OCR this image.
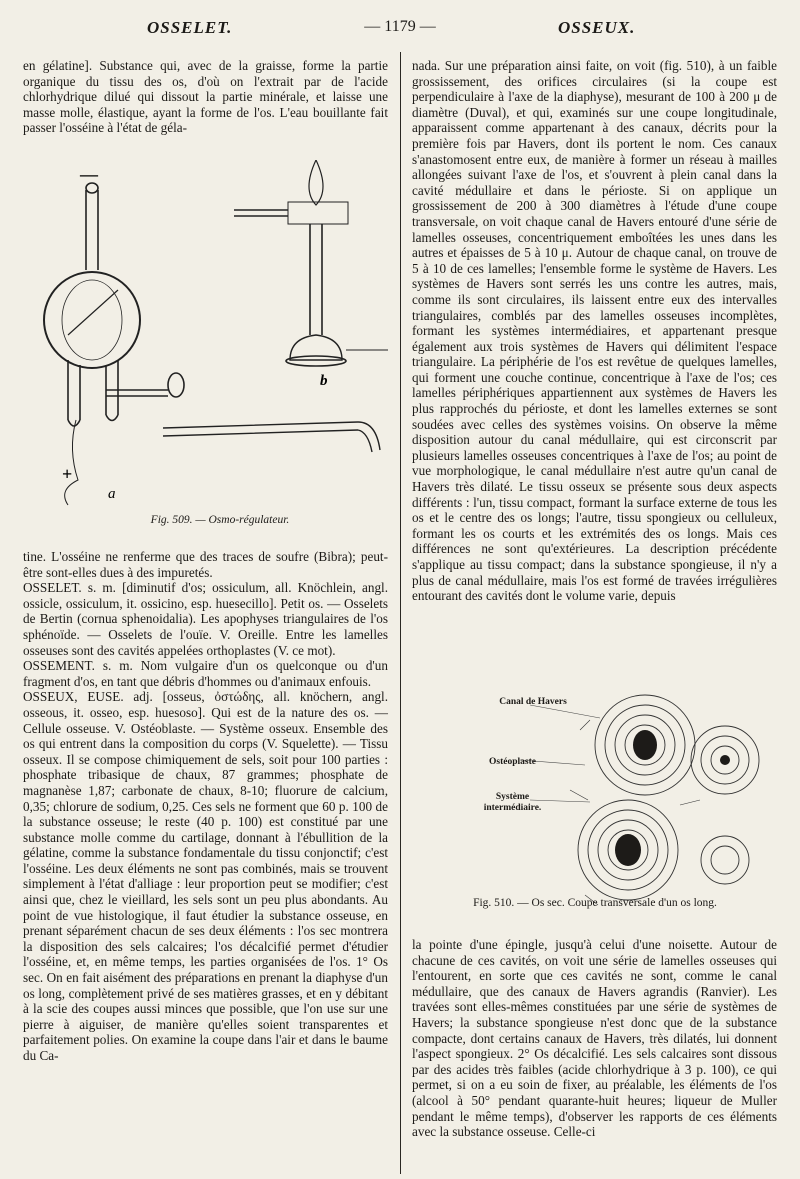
OSSELET.	— 1179 —	OSSEUX.

en gélatine]. Substance qui, avec de la graisse, forme la partie organique du tissu des os, d'où on l'extrait par de l'acide chlorhydrique dilué qui dissout la partie minérale, et laisse une masse molle, élastique, ayant la forme de l'os. L'eau bouillante fait passer l'osséine à l'état de géla-

—
+
a
b
Fig. 509. — Osmo-régulateur.

tine. L'osséine ne renferme que des traces de soufre (Bibra); peut-être sont-elles dues à des impuretés.

OSSELET. s. m. [diminutif d'os; ossiculum, all. Knöchlein, angl. ossicle, ossiculum, it. ossicino, esp. huesecillo]. Petit os. — Osselets de Bertin (cornua sphenoidalia). Les apophyses triangulaires de l'os sphénoïde. — Osselets de l'ouïe. V. Oreille. Entre les lamelles osseuses sont des cavités appelées orthoplastes (V. ce mot).

OSSEMENT. s. m. Nom vulgaire d'un os quelconque ou d'un fragment d'os, en tant que débris d'hommes ou d'animaux enfouis.

OSSEUX, EUSE. adj. [osseus, ὀστώδης, all. knöchern, angl. osseous, it. osseo, esp. huesoso]. Qui est de la nature des os. — Cellule osseuse. V. Ostéoblaste. — Système osseux. Ensemble des os qui entrent dans la composition du corps (V. Squelette). — Tissu osseux. Il se compose chimiquement de sels, soit pour 100 parties : phosphate tribasique de chaux, 87 grammes; phosphate de magnanèse 1,87; carbonate de chaux, 8-10; fluorure de calcium, 0,35; chlorure de sodium, 0,25. Ces sels ne forment que 60 p. 100 de la substance osseuse; le reste (40 p. 100) est constitué par une substance molle comme du cartilage, donnant à l'ébullition de la gélatine, comme la substance fondamentale du tissu conjonctif; c'est l'osséine. Les deux éléments ne sont pas combinés, mais se trouvent simplement à l'état d'alliage : leur proportion peut se modifier; c'est ainsi que, chez le vieillard, les sels sont un peu plus abondants. Au point de vue histologique, il faut étudier la substance osseuse, en prenant séparément chacun de ses deux éléments : l'os sec montrera la disposition des sels calcaires; l'os décalcifié permet d'étudier l'osséine, et, en même temps, les parties organisées de l'os. 1° Os sec. On en fait aisément des préparations en prenant la diaphyse d'un os long, complètement privé de ses matières grasses, et en y débitant à la scie des coupes aussi minces que possible, que l'on use sur une pierre à aiguiser, de manière qu'elles soient transparentes et parfaitement polies. On examine la coupe dans l'air et dans le baume du Ca-

nada. Sur une préparation ainsi faite, on voit (fig. 510), à un faible grossissement, des orifices circulaires (si la coupe est perpendiculaire à l'axe de la diaphyse), mesurant de 100 à 200 μ de diamètre (Duval), et qui, examinés sur une coupe longitudinale, apparaissent comme appartenant à des canaux, décrits pour la première fois par Havers, dont ils portent le nom. Ces canaux s'anastomosent entre eux, de manière à former un réseau à mailles allongées suivant l'axe de l'os, et s'ouvrent à plein canal dans la cavité médullaire et dans le périoste. Si on applique un grossissement de 200 à 300 diamètres à l'étude d'une coupe transversale, on voit chaque canal de Havers entouré d'une série de lamelles osseuses, concentriquement emboîtées les unes dans les autres et épaisses de 5 à 10 μ. Autour de chaque canal, on trouve de 5 à 10 de ces lamelles; l'ensemble forme le système de Havers. Les systèmes de Havers sont serrés les uns contre les autres, mais, comme ils sont circulaires, ils laissent entre eux des intervalles triangulaires, comblés par des lamelles osseuses incomplètes, formant les systèmes intermédiaires, et appartenant presque également aux trois systèmes de Havers qui délimitent l'espace triangulaire. La périphérie de l'os est revêtue de quelques lamelles, qui forment une couche continue, concentrique à l'axe de l'os; ces lamelles périphériques appartiennent aux systèmes de Havers les plus rapprochés du périoste, et dont les lamelles externes se sont soudées avec celles des systèmes voisins. On observe la même disposition autour du canal médullaire, qui est circonscrit par plusieurs lamelles osseuses concentriques à l'axe de l'os; au point de vue morphologique, le canal médullaire n'est autre qu'un canal de Havers très dilaté. Le tissu osseux se présente sous deux aspects différents : l'un, tissu compact, formant la surface externe de tous les os et le centre des os longs; l'autre, tissu spongieux ou celluleux, formant les os courts et les extrémités des os longs. Mais ces différences ne sont qu'extérieures. La description précédente s'applique au tissu compact; dans la substance spongieuse, il n'y a plus de canal médullaire, mais l'os est formé de travées irrégulières entourant des cavités dont le volume varie, depuis

Canal de Havers
Ostéoplaste
Système
intermédiaire.
Fig. 510. — Os sec. Coupe transversale d'un os long.

la pointe d'une épingle, jusqu'à celui d'une noisette. Autour de chacune de ces cavités, on voit une série de lamelles osseuses qui l'entourent, en sorte que ces cavités ne sont, comme le canal médullaire, que des canaux de Havers agrandis (Ranvier). Les travées sont elles-mêmes constituées par une série de systèmes de Havers; la substance spongieuse n'est donc que de la substance compacte, dont certains canaux de Havers, très dilatés, lui donnent l'aspect spongieux. 2° Os décalcifié. Les sels calcaires sont dissous par des acides très faibles (acide chlorhydrique à 3 p. 100), ce qui permet, si on a eu soin de fixer, au préalable, les éléments de l'os (alcool à 50° pendant quarante-huit heures; liqueur de Muller pendant le même temps), d'observer les rapports de ces éléments avec la substance osseuse. Celle-ci
